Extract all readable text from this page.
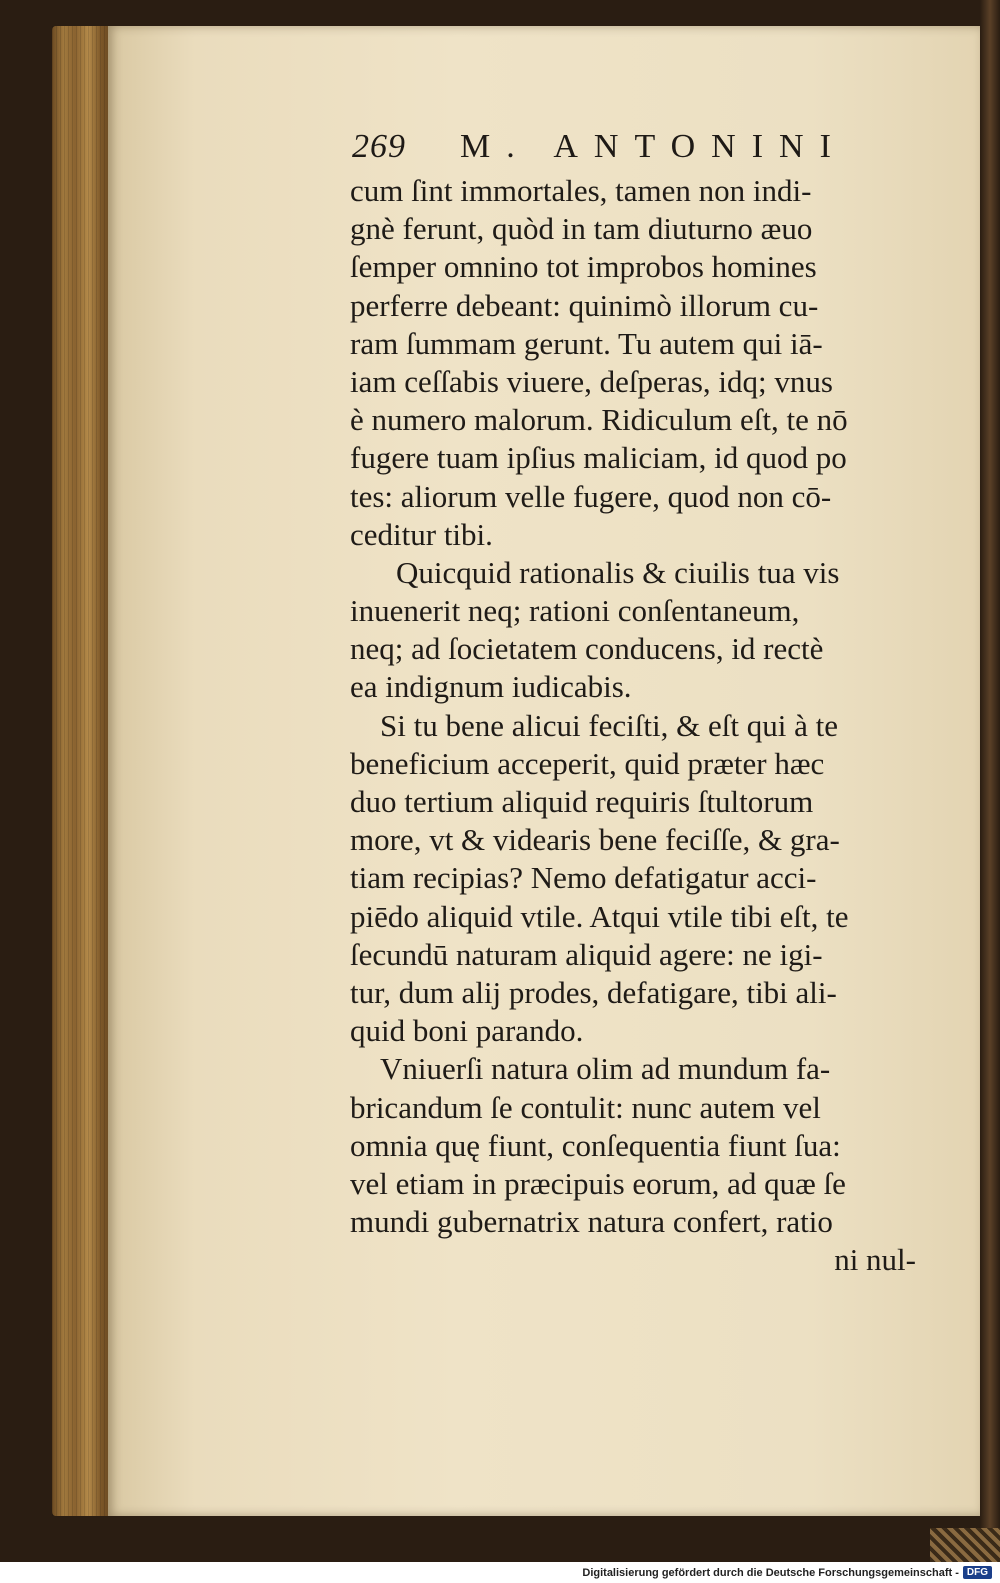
269 M. ANTONINI
cum ſint immortales, tamen non indi-
gnè ferunt, quòd in tam diuturno æuo
ſemper omnino tot improbos homines
perferre debeant: quinimò illorum cu-
ram ſummam gerunt. Tu autem qui iā-
iam ceſſabis viuere, deſperas, idq; vnus
è numero malorum. Ridiculum eſt, te nō
fugere tuam ipſius maliciam, id quod po
tes: aliorum velle fugere, quod non cō-
ceditur tibi.
Quicquid rationalis & ciuilis tua vis
inuenerit neq; rationi conſentaneum,
neq; ad ſocietatem conducens, id rectè
ea indignum iudicabis.
Si tu bene alicui feciſti, & eſt qui à te
beneficium acceperit, quid præter hæc
duo tertium aliquid requiris ſtultorum
more, vt & videaris bene feciſſe, & gra-
tiam recipias? Nemo defatigatur acci-
piēdo aliquid vtile. Atqui vtile tibi eſt, te
ſecundū naturam aliquid agere: ne igi-
tur, dum alij prodes, defatigare, tibi ali-
quid boni parando.
Vniuerſi natura olim ad mundum fa-
bricandum ſe contulit: nunc autem vel
omnia quę fiunt, conſequentia fiunt ſua:
vel etiam in præcipuis eorum, ad quæ ſe
mundi gubernatrix natura confert, ratio
ni nul-
Digitalisierung gefördert durch die Deutsche Forschungsgemeinschaft - DFG
